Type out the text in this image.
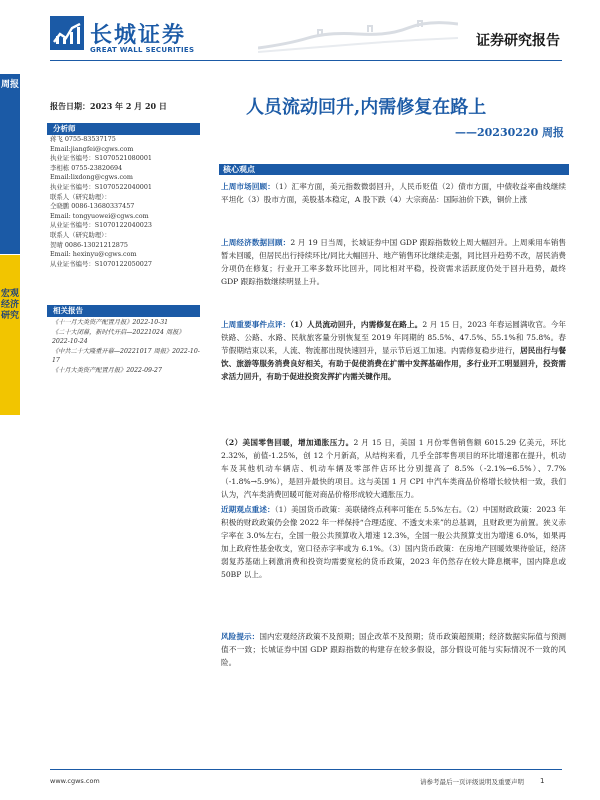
长城证券
GREAT WALL SECURITIES
证券研究报告
周报
宏观经济研究
报告日期：2023 年 2 月 20 日	人员流动回升,内需修复在路上
——20230220 周报
分析师
蒋飞 0755-83537175
Email:jiangfei@cgws.com
执业证书编号：S1070521080001
李相栋 0755-23820694
Email:lixdong@cgws.com
执业证书编号：S1070522040001
联系人（研究助理）：
仝晓鹏 0086-13680337457
Email: tongyuowei@cgws.com
从业证书编号：S1070122040023
联系人（研究助理）：
贺晴 0086-13021212875
Email: hexinyu@cgws.com
从业证书编号：S1070122050027
相关报告
《十一月大类资产配置月报》2022-10-31
《二十大闭幕，新时代开启—20221024 周报》2022-10-24
《中共二十大隆重开幕—20221017 周报》2022-10-17
《十月大类资产配置月报》2022-09-27
核心观点
上周市场回顾：（1）汇率方面，美元指数微弱回升，人民币贬值（2）债市方面，中债收益率曲线继续平坦化（3）股市方面，美股基本稳定，A 股下跌（4）大宗商品：国际油价下跌，铜价上涨
上周经济数据回顾：2 月 19 日当周，长城证券中国 GDP 跟踪指数较上周大幅回升。上周乘用车销售暂未回暖，但居民出行持续环比/同比大幅回升、地产销售环比继续走强，同比回升趋势不改，居民消费分项仍在修复；行业开工率多数环比回升，同比相对平稳，投资需求活跃度仍处于回升趋势，最终 GDP 跟踪指数继续明显上升。
上周重要事件点评：（1）人员流动回升，内需修复在路上。2 月 15 日，2023 年春运圆满收官。今年铁路、公路、水路、民航旅客量分别恢复至 2019 年同期的 85.5%、47.5%、55.1%和 75.8%。春节假期结束以来，人流、物流都出现快速回升，显示节后返工加速。内需修复稳步进行，居民出行与餐饮、旅游等服务消费良好相关，有助于促使消费在扩需中发挥基础作用，多行业开工明显回升，投资需求活力回升，有助于促进投资发挥扩内需关键作用。
（2）美国零售回暖，增加通胀压力。2 月 15 日，美国 1 月份零售销售额 6015.29 亿美元，环比 2.32%，前值-1.25%，创 12 个月新高，从结构来看，几乎全部零售项目的环比增速都在提升，机动车及其他机动车辆店、机动车辆及零部件店环比分别提高了 8.5%（-2.1%→6.5%）、7.7%（-1.8%→5.9%），是回升最快的项目。这与美国 1 月 CPI 中汽车类商品价格增长较快相一致，我们认为，汽车类消费回暖可能对商品价格形成较大通胀压力。
近期观点重述：（1）美国货币政策：美联储终点利率可能在 5.5%左右。（2）中国财政政策：2023 年积极的财政政策仍会像 2022 年一样保持“合理适度、不透支未来”的总基调，且财政更为前置。狭义赤字率在 3.0%左右，全国一般公共预算收入增速 12.3%，全国一般公共预算支出为增速 6.0%，如果再加上政府性基金收支，宽口径赤字率或为 6.1%。（3）国内货币政策：在房地产回暖效果待验证，经济弱复苏基础上刺激消费和投资均需要宽松的货币政策，2023 年仍然存在较大降息概率，国内降息或 50BP 以上。
风险提示：国内宏观经济政策不及预期；国企改革不及预期；货币政策超预期；经济数据实际值与预测值不一致；长城证券中国 GDP 跟踪指数的构建存在较多假设，部分假设可能与实际情况不一致的风险。
www.cgws.com	请参考最后一页评级说明及重要声明 1
